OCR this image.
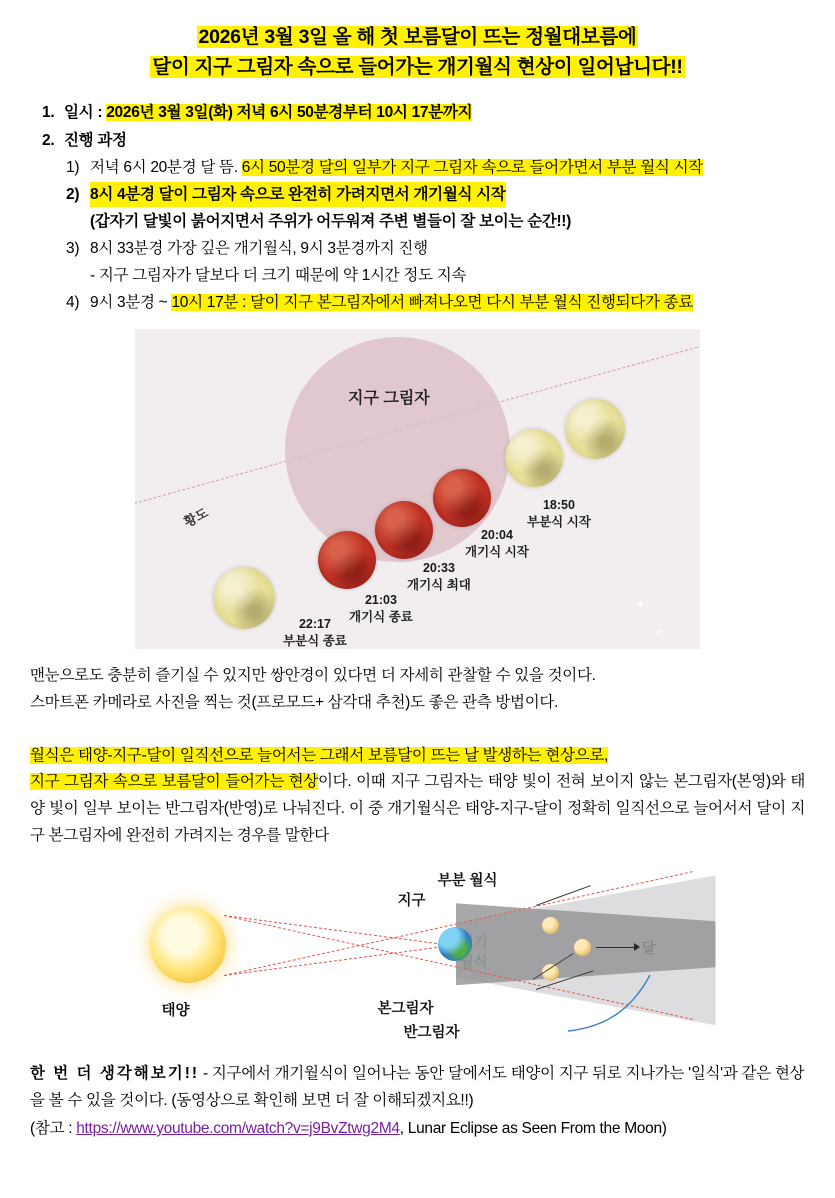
2026년 3월 3일 올 해 첫 보름달이 뜨는 정월대보름에
달이 지구 그림자 속으로 들어가는 개기월식 현상이 일어납니다!!
1. 일시 : 2026년 3월 3일(화) 저녁 6시 50분경부터 10시 17분까지
2. 진행 과정
1) 저녁 6시 20분경 달 뜸. 6시 50분경 달의 일부가 지구 그림자 속으로 들어가면서 부분 월식 시작
2) 8시 4분경 달이 그림자 속으로 완전히 가려지면서 개기월식 시작
(갑자기 달빛이 붉어지면서 주위가 어두워져 주변 별들이 잘 보이는 순간!!)
3) 8시 33분경 가장 깊은 개기월식, 9시 3분경까지 진행
- 지구 그림자가 달보다 더 크기 때문에 약 1시간 정도 지속
4) 9시 3분경 ~ 10시 17분 : 달이 지구 본그림자에서 빠져나오면 다시 부분 월식 진행되다가 종료
지구 그림자
황도
18:50
부분식 시작
20:04
개기식 시작
20:33
개기식 최대
21:03
개기식 종료
22:17
부분식 종료
✦
✦
맨눈으로도 충분히 즐기실 수 있지만 쌍안경이 있다면 더 자세히 관찰할 수 있을 것이다.
스마트폰 카메라로 사진을 찍는 것(프로모드+ 삼각대 추천)도 좋은 관측 방법이다.
월식은 태양-지구-달이 일직선으로 늘어서는 그래서 보름달이 뜨는 날 발생하는 현상으로,
지구 그림자 속으로 보름달이 들어가는 현상이다. 이때 지구 그림자는 태양 빛이 전혀 보이지 않는 본그림자(본영)와 태양 빛이 일부 보이는 반그림자(반영)로 나눠진다. 이 중 개기월식은 태양-지구-달이 정확히 일직선으로 늘어서서 달이 지구 본그림자에 완전히 가려지는 경우를 말한다
태양
지구
부분 월식
본그림자
반그림자
한 번 더 생각해보기!! - 지구에서 개기월식이 일어나는 동안 달에서도 태양이 지구 뒤로 지나가는 '일식'과 같은 현상을 볼 수 있을 것이다. (동영상으로 확인해 보면 더 잘 이해되겠지요!!)
(참고 : https://www.youtube.com/watch?v=j9BvZtwg2M4, Lunar Eclipse as Seen From the Moon)
